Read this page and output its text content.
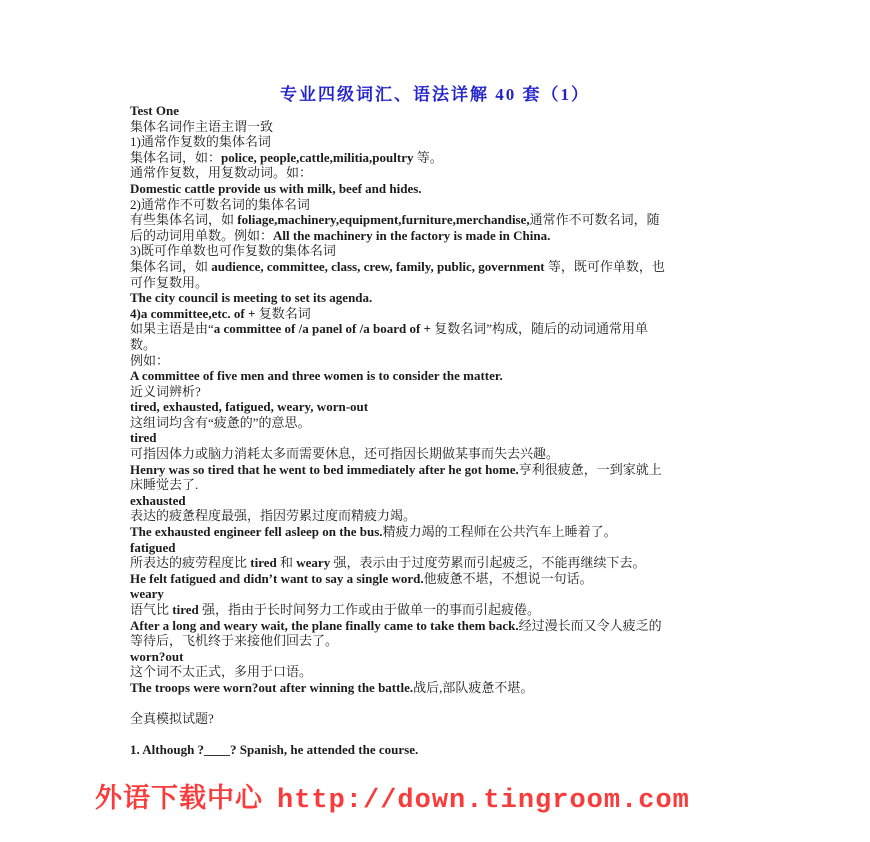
专业四级词汇、语法详解 40 套（1）
Test One
集体名词作主语主谓一致
1)通常作复数的集体名词
集体名词，如：police, people,cattle,militia,poultry 等。
通常作复数，用复数动词。如：
Domestic cattle provide us with milk, beef and hides.
2)通常作不可数名词的集体名词
有些集体名词，如 foliage,machinery,equipment,furniture,merchandise,通常作不可数名词，随
后的动词用单数。例如：All the machinery in the factory is made in China.
3)既可作单数也可作复数的集体名词
集体名词，如 audience, committee, class, crew, family, public, government 等，既可作单数，也
可作复数用。
The city council is meeting to set its agenda.
4)a committee,etc. of + 复数名词
如果主语是由“a committee of /a panel of /a board of + 复数名词”构成，随后的动词通常用单
数。
例如：
A committee of five men and three women is to consider the matter.
近义词辨析?
tired, exhausted, fatigued, weary, worn-out
这组词均含有“疲惫的”的意思。
tired
可指因体力或脑力消耗太多而需要休息，还可指因长期做某事而失去兴趣。
Henry was so tired that he went to bed immediately after he got home.亨利很疲惫，一到家就上
床睡觉去了.
exhausted
表达的疲惫程度最强，指因劳累过度而精疲力竭。
The exhausted engineer fell asleep on the bus.精疲力竭的工程师在公共汽车上睡着了。
fatigued
所表达的疲劳程度比 tired 和 weary 强，表示由于过度劳累而引起疲乏，不能再继续下去。
He felt fatigued and didn’t want to say a single word.他疲惫不堪，不想说一句话。
weary
语气比 tired 强，指由于长时间努力工作或由于做单一的事而引起疲倦。
After a long and weary wait, the plane finally came to take them back.经过漫长而又令人疲乏的
等待后，飞机终于来接他们回去了。
worn?out
这个词不太正式，多用于口语。
The troops were worn?out after winning the battle.战后,部队疲惫不堪。
全真模拟试题?
1. Although ?____? Spanish, he attended the course.
外语下载中心 http://down.tingroom.com
